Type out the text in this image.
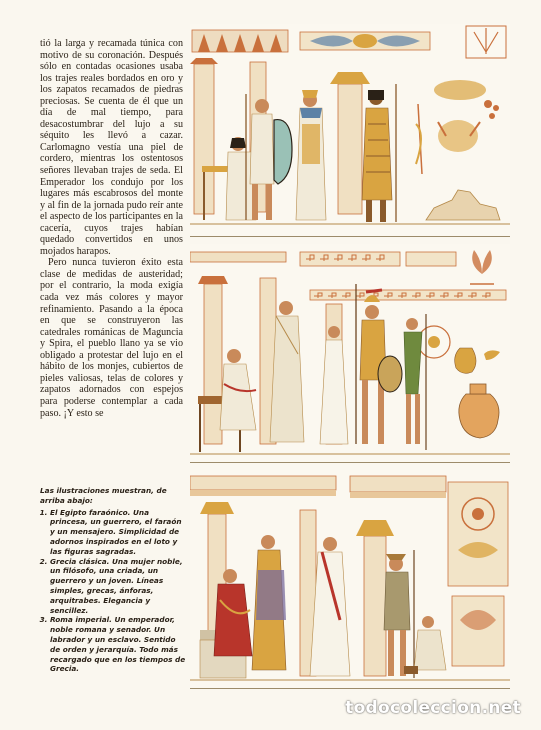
tió la larga y recamada túnica con motivo de su coronación. Después sólo en contadas ocasiones usaba los trajes reales bordados en oro y los zapatos recamados de piedras preciosas. Se cuenta de él que un día de mal tiempo, para desacostumbrar del lujo a su séquito les llevó a cazar. Carlomagno vestía una piel de cordero, mientras los ostentosos señores llevaban trajes de seda. El Emperador los condujo por los lugares más escabrosos del monte y al fin de la jornada pudo reír ante el aspecto de los participantes en la cacería, cuyos trajes habían quedado convertidos en unos mojados harapos.

Pero nunca tuvieron éxito esta clase de medidas de austeridad; por el contrario, la moda exigía cada vez más colores y mayor refinamiento. Pasando a la época en que se construyeron las catedrales románicas de Maguncia y Spira, el pueblo llano ya se vio obligado a protestar del lujo en el hábito de los monjes, cubiertos de pieles valiosas, telas de colores y zapatos adornados con espejos para poderse contemplar a cada paso. ¡Y esto se

Las ilustraciones muestran, de arriba abajo:
1. El Egipto faraónico. Una princesa, un guerrero, el faraón y un mensajero. Simplicidad de adornos inspirados en el loto y las figuras sagradas.
2. Grecia clásica. Una mujer noble, un filósofo, una criada, un guerrero y un joven. Líneas simples, grecas, ánforas, arquitrabes. Elegancia y sencillez.
3. Roma imperial. Un emperador, noble romana y senador. Un labrador y un esclavo. Sentido de orden y jerarquía. Todo más recargado que en los tiempos de Grecia.
todocoleccion.net
